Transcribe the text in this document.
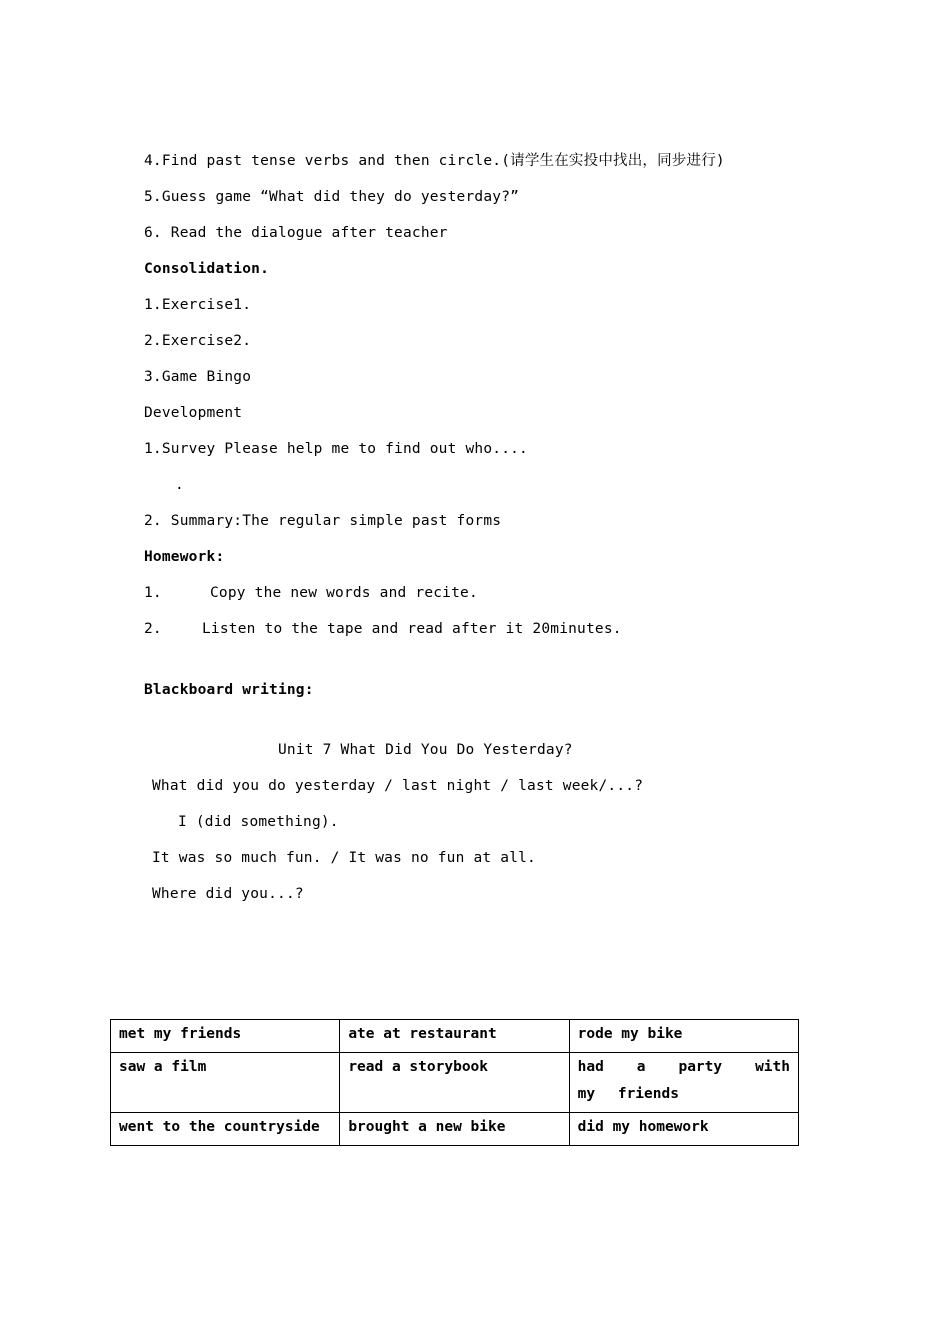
4.Find past tense verbs and then circle.(请学生在实投中找出，同步进行)
5.Guess game “What did they do yesterday?”
6. Read the dialogue after teacher
Consolidation.
1.Exercise1.
2.Exercise2.
3.Game Bingo
Development
1.Survey Please help me to find out who....
.
2. Summary:The regular simple past forms
Homework:
1.	Copy the new words and recite.
2.	Listen to the tape and read after it 20minutes.
Blackboard writing:
Unit 7 What Did You Do Yesterday?
What did you do yesterday / last night / last week/...?
I (did something).
It was so much fun. / It was no fun at all.
Where did you...?
met my friends	ate at restaurant	rode my bike
saw a film	read a storybook	had a party with my friends
went to the countryside	brought a new bike	did my homework
